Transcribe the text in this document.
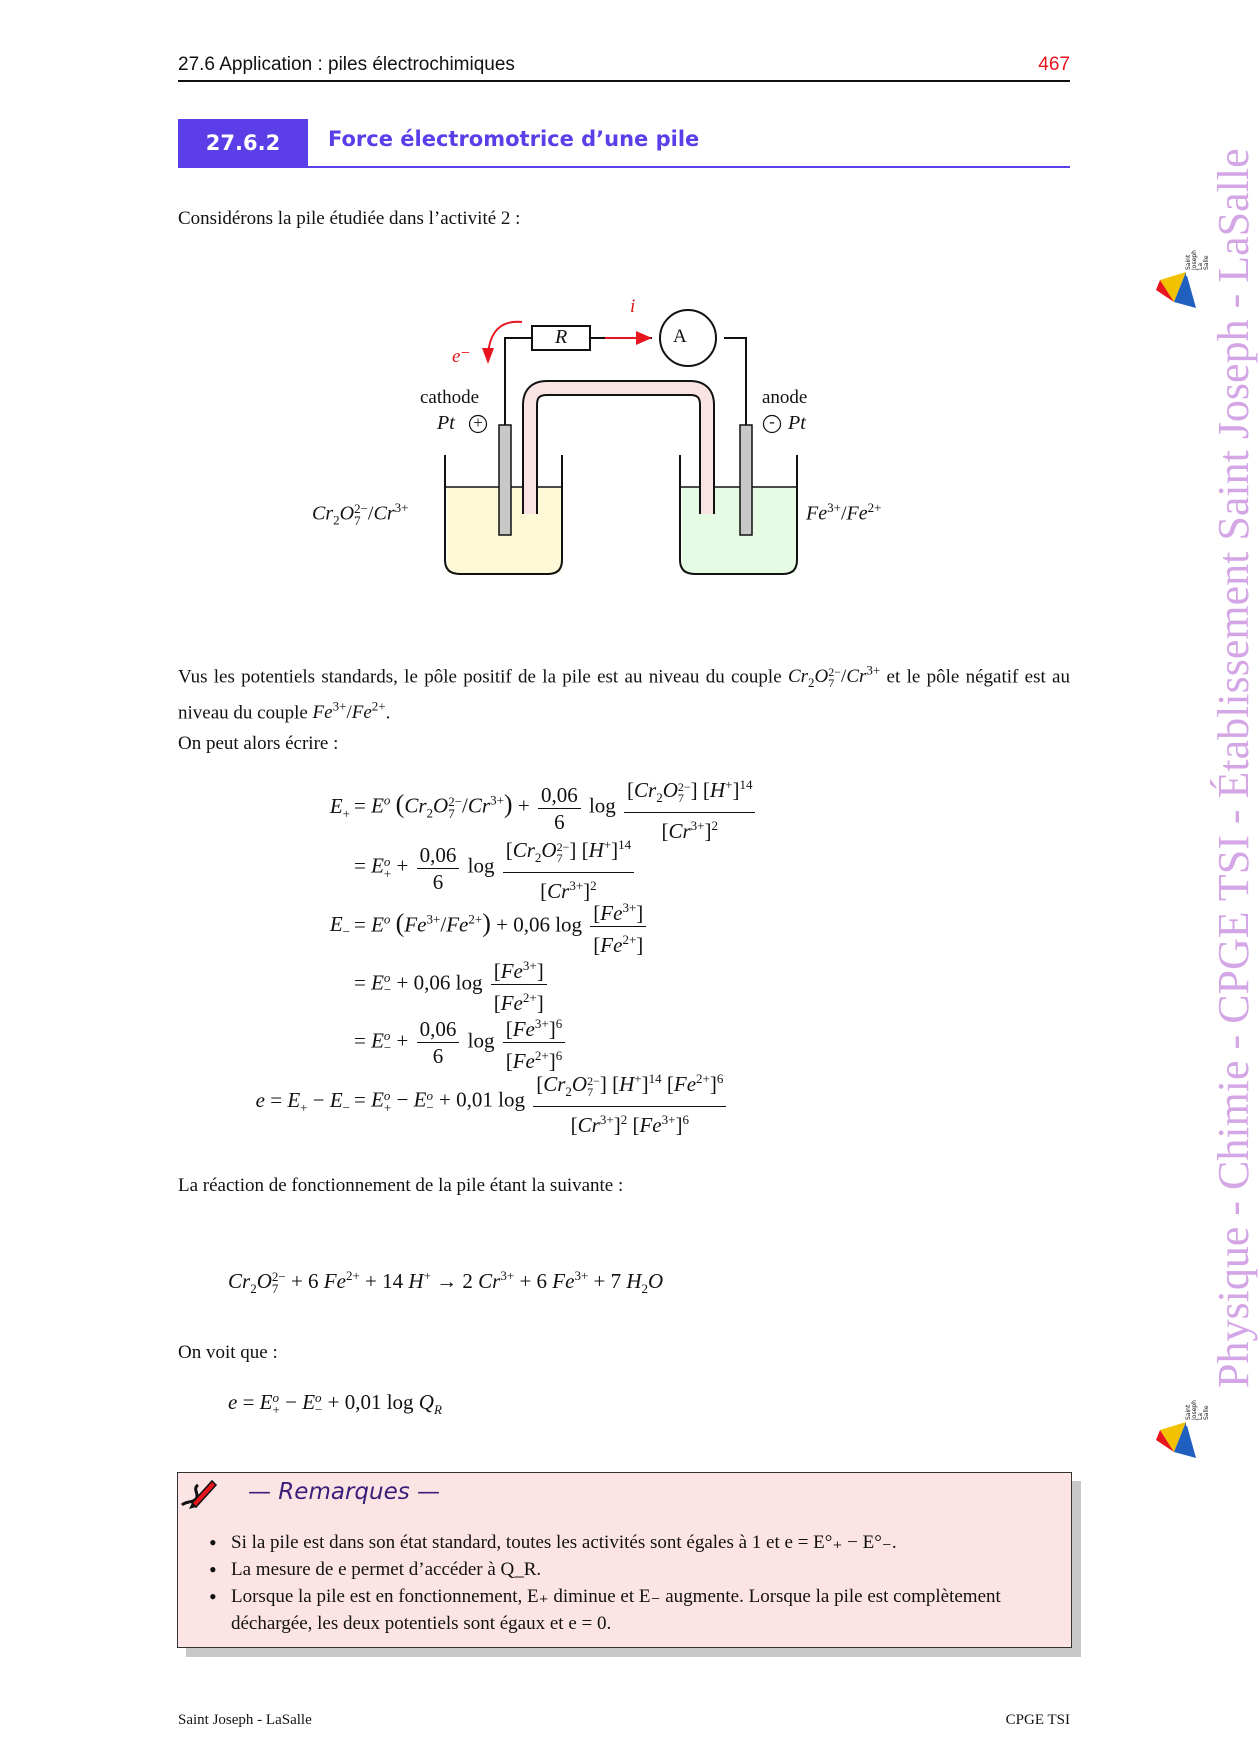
27.6 Application : piles électrochimiques	467
27.6.2	Force électromotrice d’une pile
Considérons la pile étudiée dans l’activité 2 :
i
e⁻
R	A
cathode	anode
Pt +	- Pt
$Cr_2O$ 2−
7 $/Cr^{3+}$	$Fe^{3+}/Fe^{2+}$
Vus les potentiels standards, le pôle positif de la pile est au niveau du couple $Cr_2O$ 2−
7 $/Cr^{3+}$ et le pôle négatif est au niveau du couple $Fe^{3+}/Fe^{2+}$.
On peut alors écrire :
$E_+ = E^o$ ($Cr_2O$ 2−
7 $/Cr^{3+}) + \frac{0,06}{6}$ $\log [Cr_2O$ 2−
7 ] $[H^+]^{14}$
$[Cr^{3+}]^2$
= E o
+ + $\frac{0,06}{6}$ $\log [Cr_2O$ 2−
7 ] $[H^+]^{14}$
$[Cr^{3+}]^2$
$E_- = E^o$ $(Fe^{3+}/Fe^{2+}) + 0,06$ $\log \frac{[Fe^{3+}]}{[Fe^{2+}]}$
= E o
− + 0,06 $\log \frac{[Fe^{3+}]}{[Fe^{2+}]}$
= E o
− + $\frac{0,06}{6}$ $\log \frac{[Fe^{3+}]^6}{[Fe^{2+}]^6}$
$e = E_+ - E_- = E$ o
+ − E o
− + 0,01 $\log [Cr_2O$ 2−
7 ] $[H^+]^{14}$ $[Fe^{2+}]^6$
$[Cr^{3+}]^2$ $[Fe^{3+}]^6$
La réaction de fonctionnement de la pile étant la suivante :
$Cr_2O$ 2−
7 + 6 $Fe^{2+} + 14$ H+ → 2 $Cr^{3+} + 6$ $Fe^{3+} + 7$ $H_2O$
On voit que :
e = E o
+ − E o
− + 0,01 $\log Q_R$
— Remarques —
• Si la pile est dans son état standard, toutes les activités sont égales à 1 et e = E°₊ − E°₋.
• La mesure de e permet d’accéder à Q_R.
• Lorsque la pile est en fonctionnement, E₊ diminue et E₋ augmente. Lorsque la pile est complètement déchargée, les deux potentiels sont égaux et e = 0.
Physique - Chimie - CPGE TSI - Établissement Saint Joseph - LaSalle
Saint Joseph La Salle
Saint Joseph La Salle
Saint Joseph - LaSalle	CPGE TSI
